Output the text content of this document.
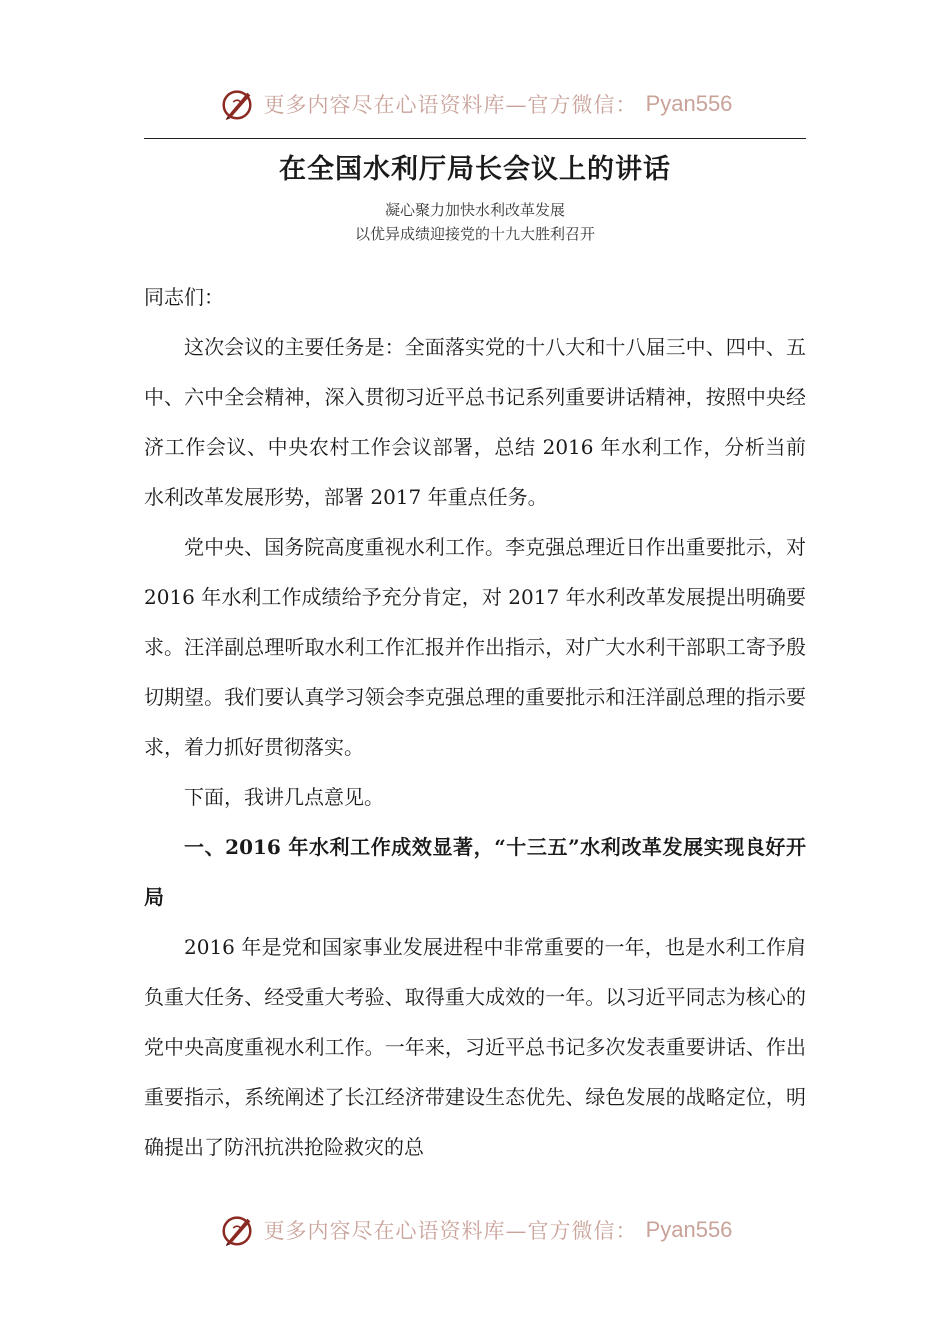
更多内容尽在心语资料库—官方微信： Pyan556
在全国水利厅局长会议上的讲话
凝心聚力加快水利改革发展
以优异成绩迎接党的十九大胜利召开

同志们：

这次会议的主要任务是：全面落实党的十八大和十八届三中、四中、五中、六中全会精神，深入贯彻习近平总书记系列重要讲话精神，按照中央经济工作会议、中央农村工作会议部署，总结 2016 年水利工作，分析当前水利改革发展形势，部署 2017 年重点任务。

党中央、国务院高度重视水利工作。李克强总理近日作出重要批示，对 2016 年水利工作成绩给予充分肯定，对 2017 年水利改革发展提出明确要求。汪洋副总理听取水利工作汇报并作出指示，对广大水利干部职工寄予殷切期望。我们要认真学习领会李克强总理的重要批示和汪洋副总理的指示要求，着力抓好贯彻落实。

下面，我讲几点意见。

一、2016 年水利工作成效显著，“十三五”水利改革发展实现良好开局

2016 年是党和国家事业发展进程中非常重要的一年，也是水利工作肩负重大任务、经受重大考验、取得重大成效的一年。以习近平同志为核心的党中央高度重视水利工作。一年来，习近平总书记多次发表重要讲话、作出重要指示，系统阐述了长江经济带建设生态优先、绿色发展的战略定位，明确提出了防汛抗洪抢险救灾的总

更多内容尽在心语资料库—官方微信： Pyan556
